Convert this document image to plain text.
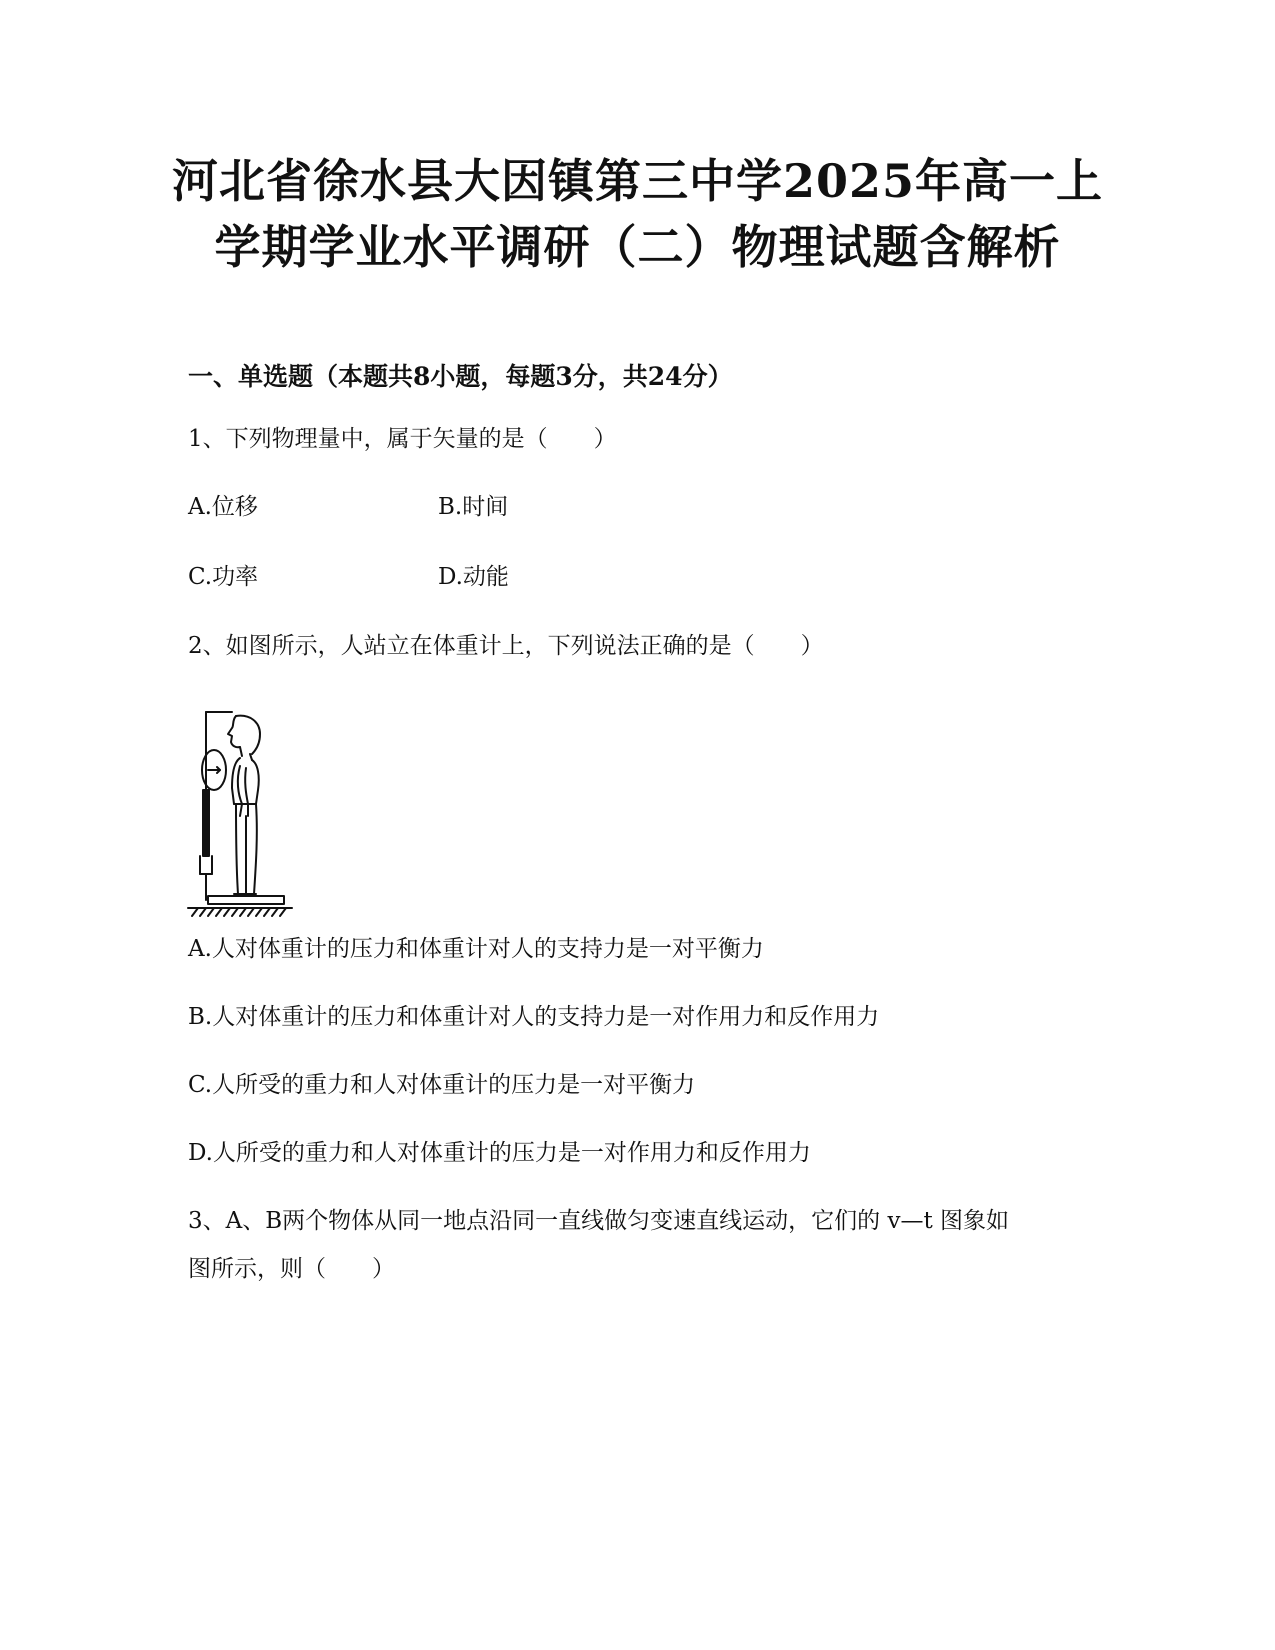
河北省徐水县大因镇第三中学2025年高一上
学期学业水平调研（二）物理试题含解析
一、单选题（本题共8小题，每题3分，共24分）
1、下列物理量中，属于矢量的是（　　）
A.位移	B.时间
C.功率	D.动能
2、如图所示，人站立在体重计上，下列说法正确的是（　　）
A.人对体重计的压力和体重计对人的支持力是一对平衡力
B.人对体重计的压力和体重计对人的支持力是一对作用力和反作用力
C.人所受的重力和人对体重计的压力是一对平衡力
D.人所受的重力和人对体重计的压力是一对作用力和反作用力
3、A、B两个物体从同一地点沿同一直线做匀变速直线运动，它们的 v—t 图象如
图所示，则（　　）
